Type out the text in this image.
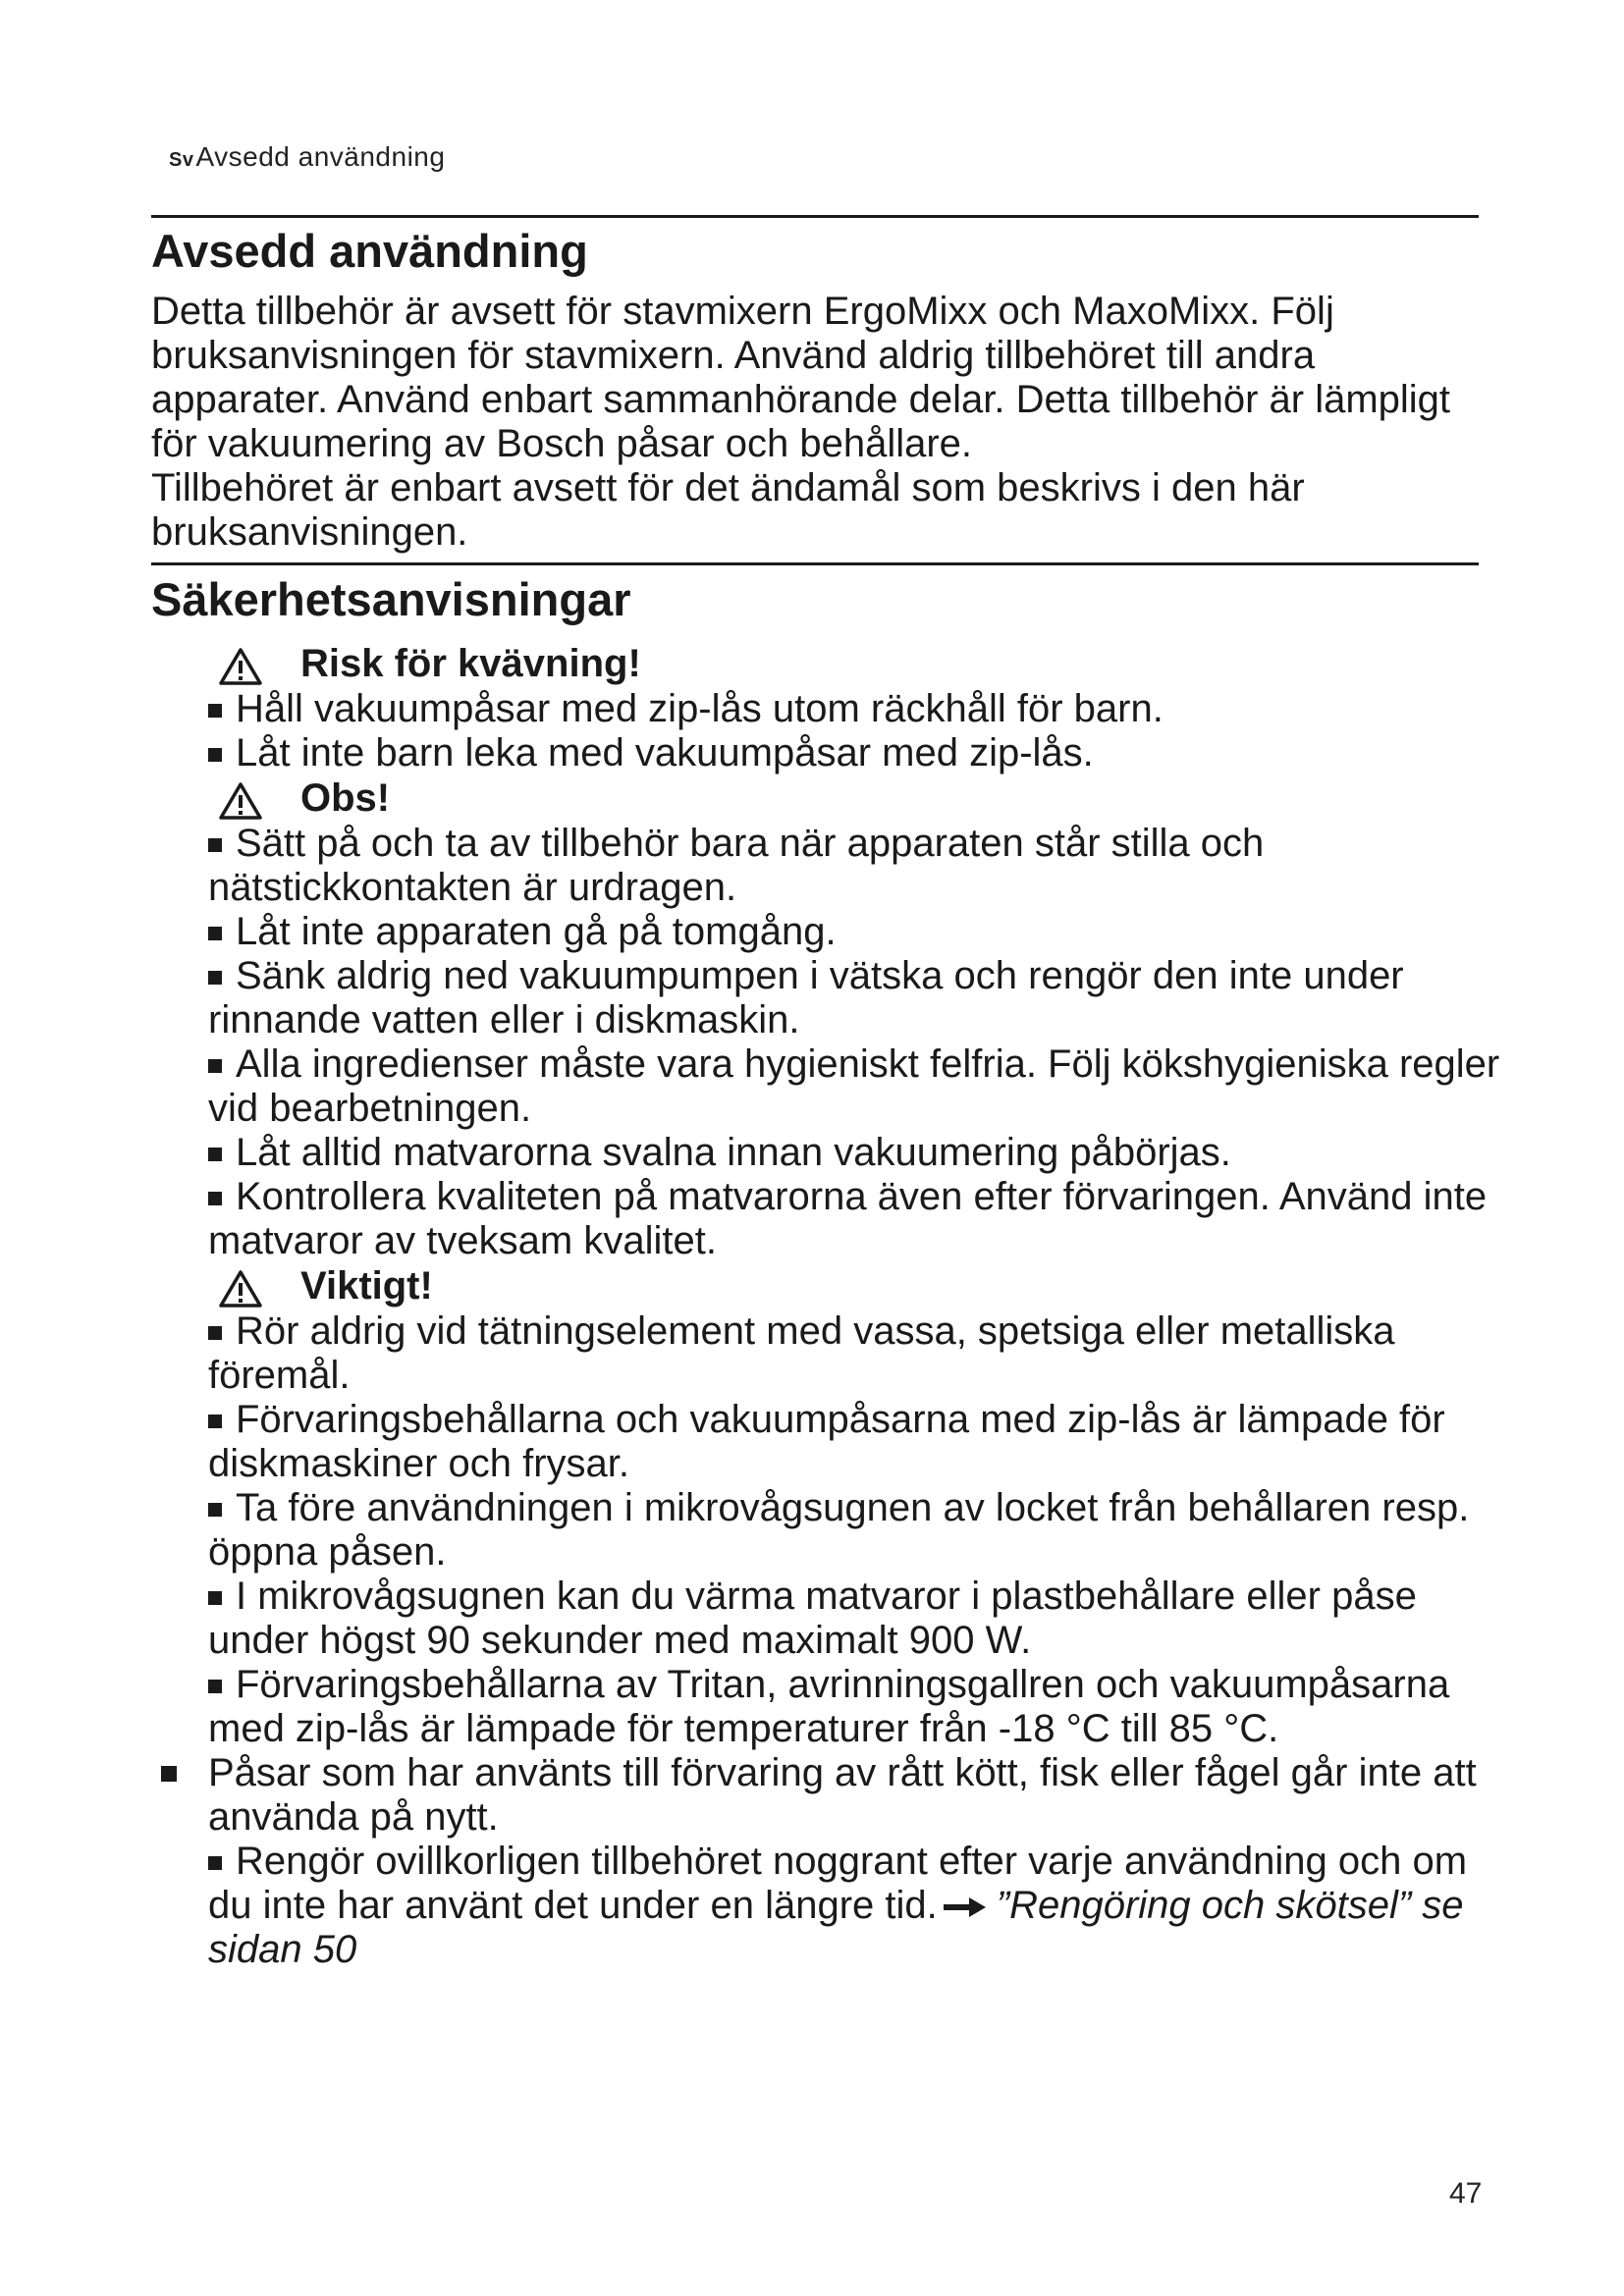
SvAvsedd användning
Avsedd användning

Detta tillbehör är avsett för stavmixern ErgoMixx och MaxoMixx. Följ bruksanvisningen för stavmixern. Använd aldrig tillbehöret till andra apparater. Använd enbart sammanhörande delar. Detta tillbehör är lämpligt för vakuumering av Bosch påsar och behållare.

Tillbehöret är enbart avsett för det ändamål som beskrivs i den här bruksanvisningen.

Säkerhetsanvisningar
Risk för kvävning!
Håll vakuumpåsar med zip-lås utom räckhåll för barn.
Låt inte barn leka med vakuumpåsar med zip-lås.
Obs!
Sätt på och ta av tillbehör bara när apparaten står stilla och nätstickkontakten är urdragen.
Låt inte apparaten gå på tomgång.
Sänk aldrig ned vakuumpumpen i vätska och rengör den inte under rinnande vatten eller i diskmaskin.
Alla ingredienser måste vara hygieniskt felfria. Följ kökshygieniska regler vid bearbetningen.
Låt alltid matvarorna svalna innan vakuumering påbörjas.
Kontrollera kvaliteten på matvarorna även efter förvaringen. Använd inte matvaror av tveksam kvalitet.
Viktigt!
Rör aldrig vid tätningselement med vassa, spetsiga eller metalliska föremål.
Förvaringsbehållarna och vakuumpåsarna med zip-lås är lämpade för diskmaskiner och frysar.
Ta före användningen i mikrovågsugnen av locket från behållaren resp. öppna påsen.
I mikrovågsugnen kan du värma matvaror i plastbehållare eller påse under högst 90 sekunder med maximalt 900 W.
Förvaringsbehållarna av Tritan, avrinningsgallren och vakuumpåsarna med zip-lås är lämpade för temperaturer från -18 °C till 85 °C.
Påsar som har använts till förvaring av rått kött, fisk eller fågel går inte att använda på nytt.
Rengör ovillkorligen tillbehöret noggrant efter varje användning och om du inte har använt det under en längre tid. ”Rengöring och skötsel” se sidan 50
47
